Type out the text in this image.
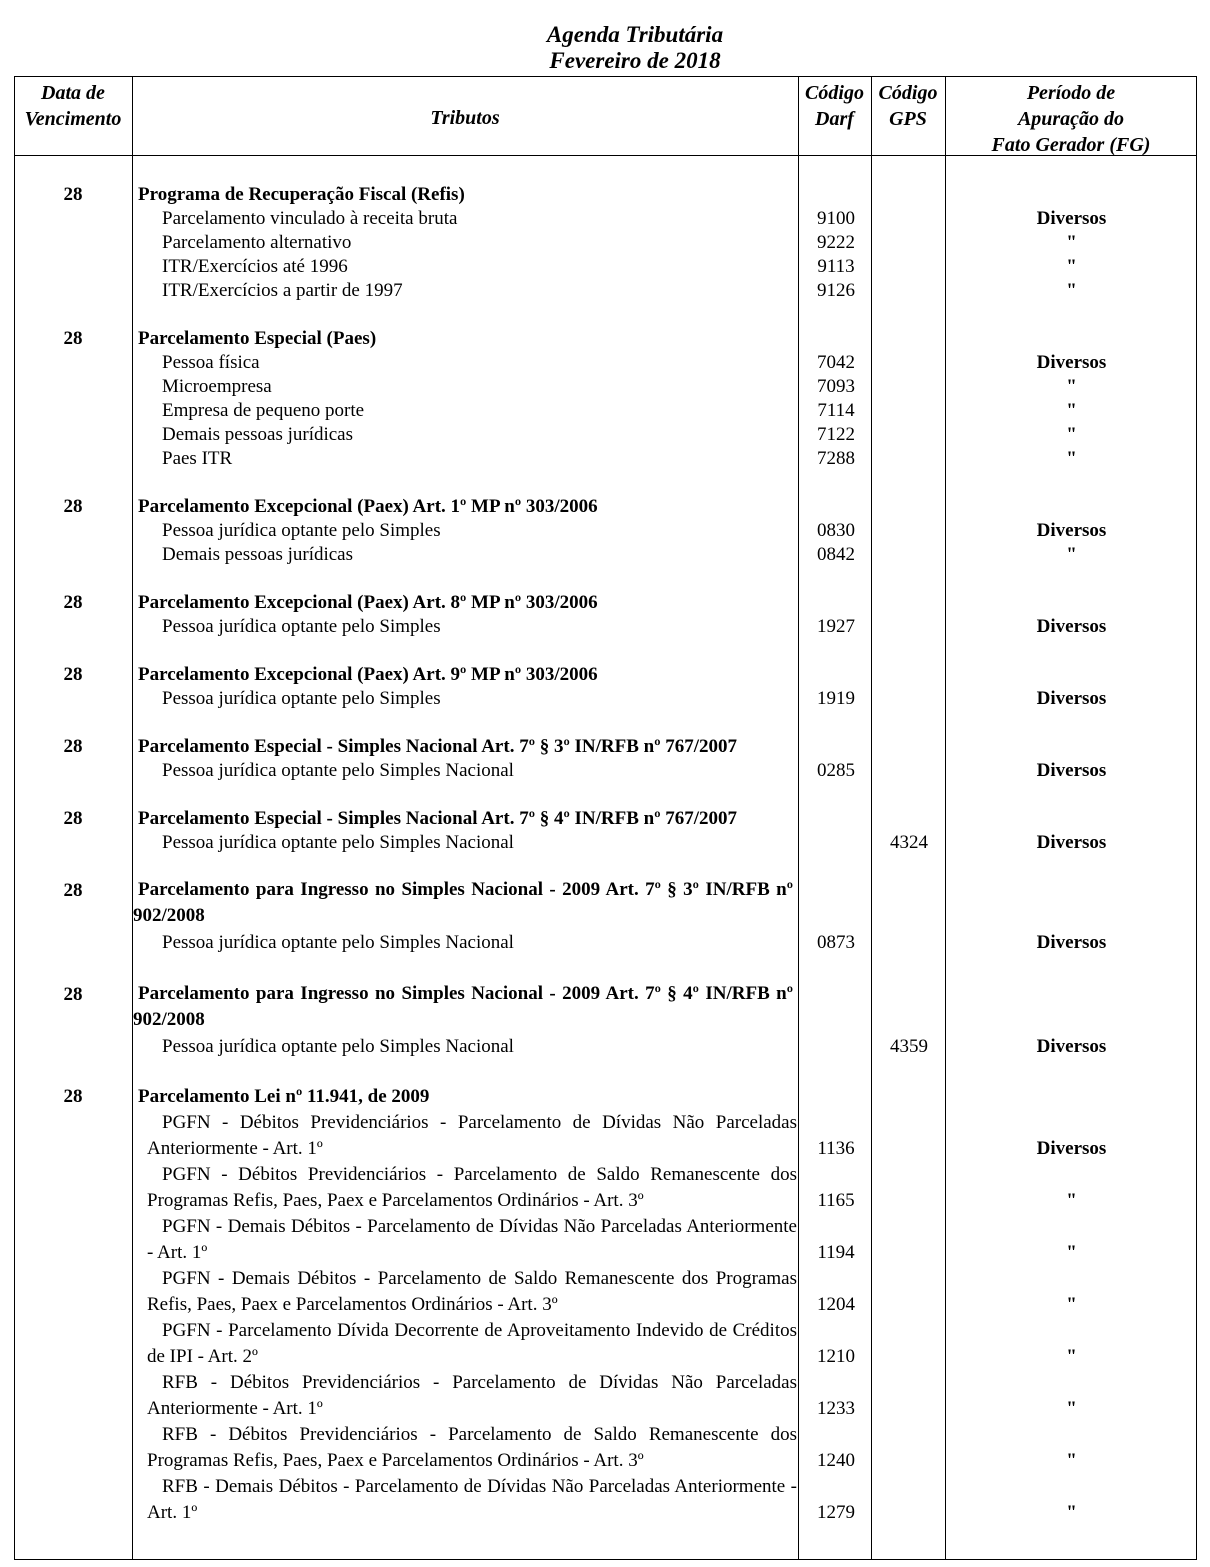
Agenda Tributária
Fevereiro de 2018
Data de
Vencimento	Tributos
Código
Darf
Código
GPS
Período de
Apuração do
Fato Gerador (FG)
28	Programa de Recuperação Fiscal (Refis)
Parcelamento vinculado à receita bruta	9100	Diversos
Parcelamento alternativo	9222	"
ITR/Exercícios até 1996	9113	"
ITR/Exercícios a partir de 1997	9126	"
28	Parcelamento Especial (Paes)
Pessoa física	7042	Diversos
Microempresa	7093	"
Empresa de pequeno porte	7114	"
Demais pessoas jurídicas	7122	"
Paes ITR	7288	"
28	Parcelamento Excepcional (Paex) Art. 1º MP nº 303/2006
Pessoa jurídica optante pelo Simples	0830	Diversos
Demais pessoas jurídicas	0842	"
28	Parcelamento Excepcional (Paex) Art. 8º MP nº 303/2006
Pessoa jurídica optante pelo Simples	1927	Diversos
28	Parcelamento Excepcional (Paex) Art. 9º MP nº 303/2006
Pessoa jurídica optante pelo Simples	1919	Diversos
28	Parcelamento Especial - Simples Nacional Art. 7º § 3º IN/RFB nº 767/2007
Pessoa jurídica optante pelo Simples Nacional	0285	Diversos
28	Parcelamento Especial - Simples Nacional Art. 7º § 4º IN/RFB nº 767/2007
Pessoa jurídica optante pelo Simples Nacional	4324	Diversos
28	Parcelamento para Ingresso no Simples Nacional - 2009 Art. 7º § 3º IN/RFB nº 902/2008
Pessoa jurídica optante pelo Simples Nacional	0873	Diversos
28	Parcelamento para Ingresso no Simples Nacional - 2009 Art. 7º § 4º IN/RFB nº 902/2008
Pessoa jurídica optante pelo Simples Nacional	4359	Diversos
28	Parcelamento Lei nº 11.941, de 2009
PGFN - Débitos Previdenciários - Parcelamento de Dívidas Não Parceladas Anteriormente - Art. 1º	1136	Diversos
PGFN - Débitos Previdenciários - Parcelamento de Saldo Remanescente dos Programas Refis, Paes, Paex e Parcelamentos Ordinários - Art. 3º	1165	"
PGFN - Demais Débitos - Parcelamento de Dívidas Não Parceladas Anteriormente - Art. 1º	1194	"
PGFN - Demais Débitos - Parcelamento de Saldo Remanescente dos Programas Refis, Paes, Paex e Parcelamentos Ordinários - Art. 3º	1204	"
PGFN - Parcelamento Dívida Decorrente de Aproveitamento Indevido de Créditos de IPI - Art. 2º	1210	"
RFB - Débitos Previdenciários - Parcelamento de Dívidas Não Parceladas Anteriormente - Art. 1º	1233	"
RFB - Débitos Previdenciários - Parcelamento de Saldo Remanescente dos Programas Refis, Paes, Paex e Parcelamentos Ordinários - Art. 3º	1240	"
RFB - Demais Débitos - Parcelamento de Dívidas Não Parceladas Anteriormente - Art. 1º	1279	"
